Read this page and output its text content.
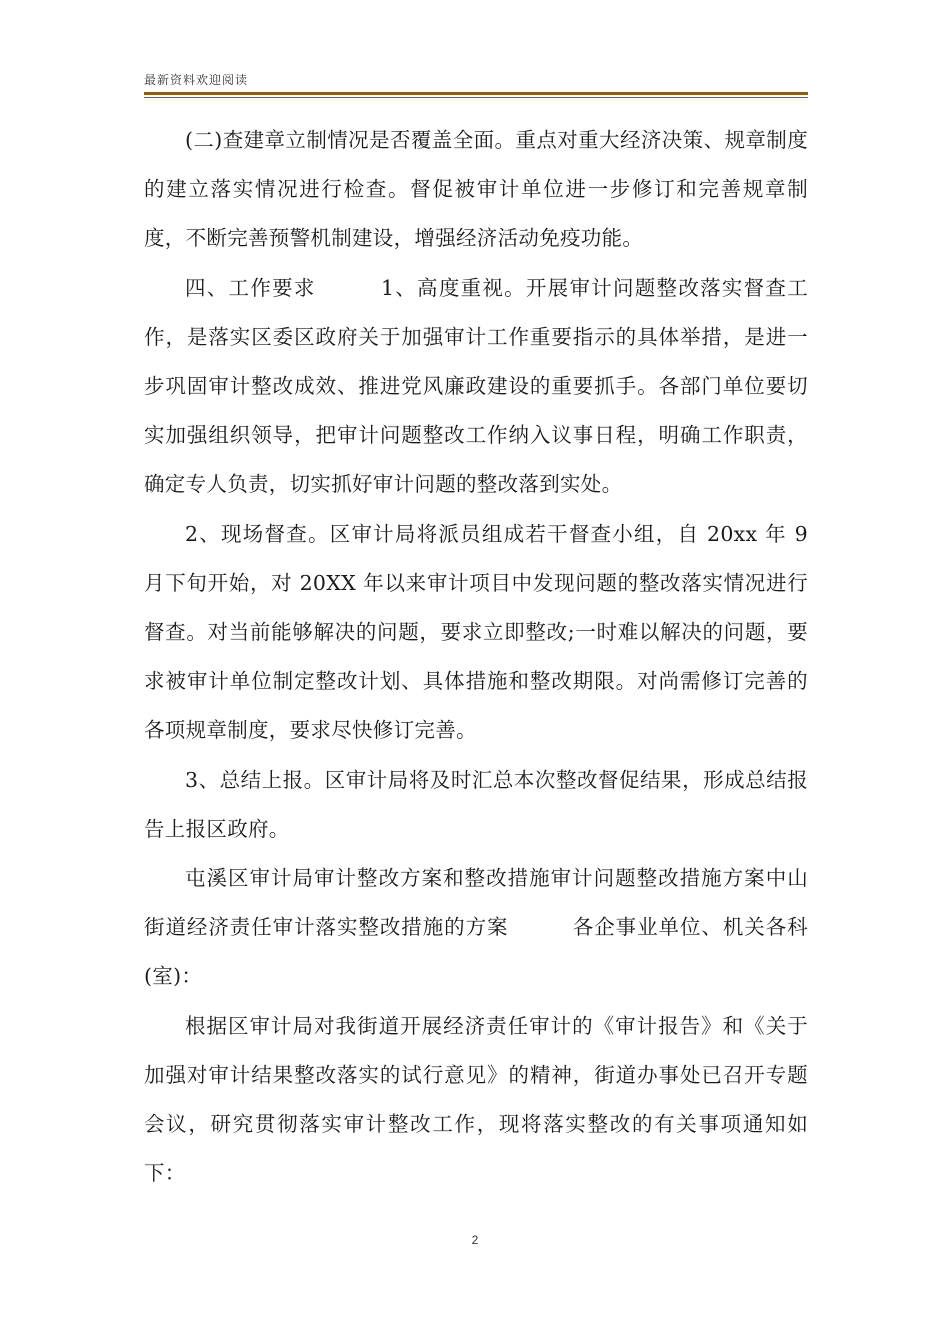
最新资料欢迎阅读

(二)查建章立制情况是否覆盖全面。重点对重大经济决策、规章制度的建立落实情况进行检查。督促被审计单位进一步修订和完善规章制度，不断完善预警机制建设，增强经济活动免疫功能。

四、工作要求　　　1、高度重视。开展审计问题整改落实督查工作，是落实区委区政府关于加强审计工作重要指示的具体举措，是进一步巩固审计整改成效、推进党风廉政建设的重要抓手。各部门单位要切实加强组织领导，把审计问题整改工作纳入议事日程，明确工作职责，确定专人负责，切实抓好审计问题的整改落到实处。

2、现场督查。区审计局将派员组成若干督查小组，自 20xx 年 9 月下旬开始，对 20XX 年以来审计项目中发现问题的整改落实情况进行督查。对当前能够解决的问题，要求立即整改;一时难以解决的问题，要求被审计单位制定整改计划、具体措施和整改期限。对尚需修订完善的各项规章制度，要求尽快修订完善。

3、总结上报。区审计局将及时汇总本次整改督促结果，形成总结报告上报区政府。

屯溪区审计局审计整改方案和整改措施审计问题整改措施方案中山街道经济责任审计落实整改措施的方案　　　各企事业单位、机关各科(室)：

根据区审计局对我街道开展经济责任审计的《审计报告》和《关于加强对审计结果整改落实的试行意见》的精神，街道办事处已召开专题会议，研究贯彻落实审计整改工作，现将落实整改的有关事项通知如下：

2
